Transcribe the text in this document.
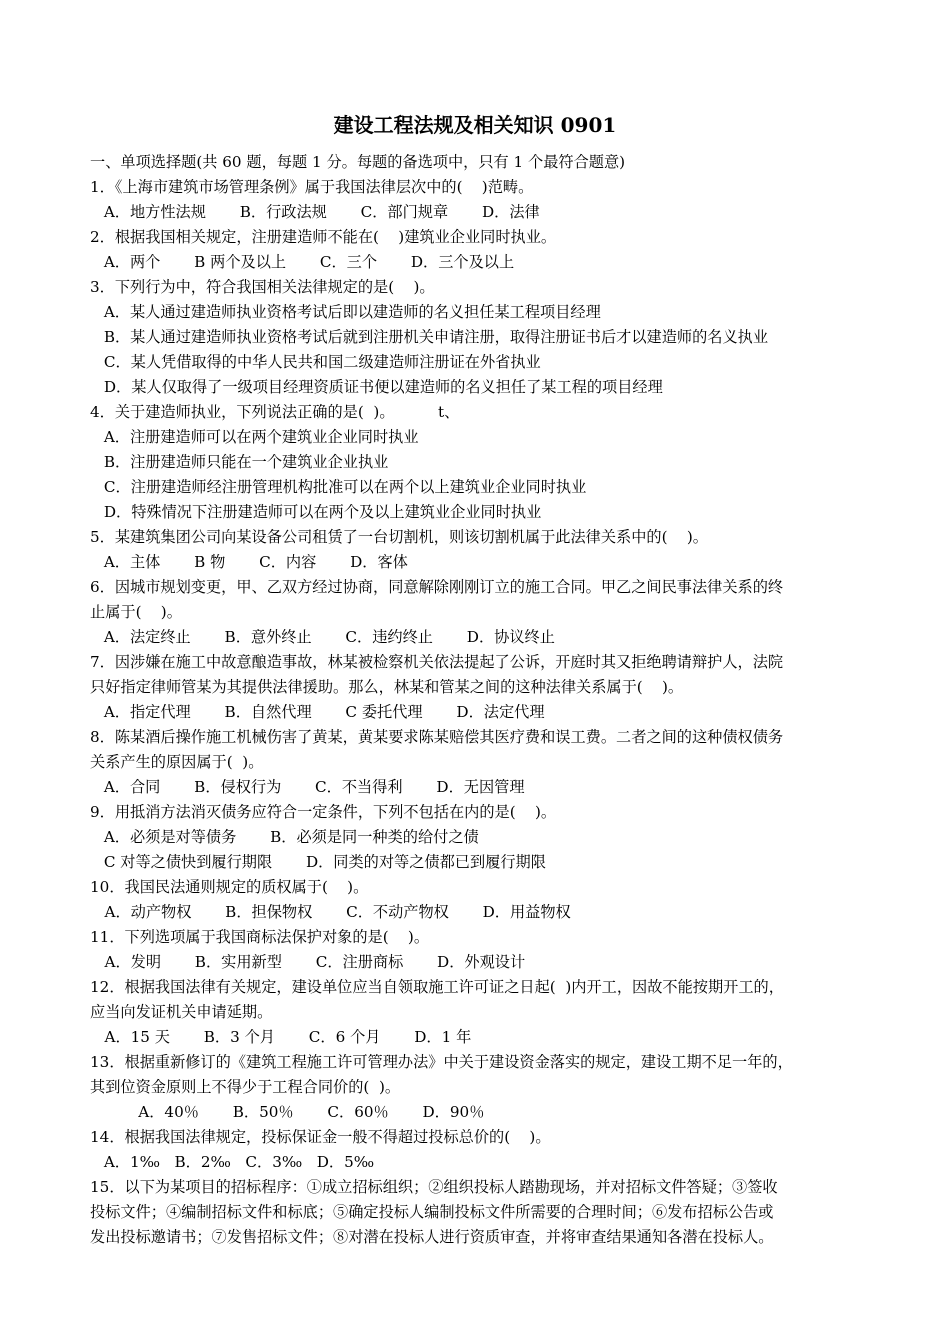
建设工程法规及相关知识 0901
一、单项选择题(共 60 题，每题 1 分。每题的备选项中，只有 1 个最符合题意)
1．《上海市建筑市场管理条例》属于我国法律层次中的(    )范畴。
A．地方性法规       B．行政法规       C．部门规章       D．法律
2．根据我国相关规定，注册建造师不能在(    )建筑业企业同时执业。
A．两个       B 两个及以上       C．三个       D．三个及以上
3．下列行为中，符合我国相关法律规定的是(    )。
A．某人通过建造师执业资格考试后即以建造师的名义担任某工程项目经理
B．某人通过建造师执业资格考试后就到注册机关申请注册，取得注册证书后才以建造师的名义执业
C．某人凭借取得的中华人民共和国二级建造师注册证在外省执业
D．某人仅取得了一级项目经理资质证书便以建造师的名义担任了某工程的项目经理
4．关于建造师执业，下列说法正确的是(  )。         t、
A．注册建造师可以在两个建筑业企业同时执业
B．注册建造师只能在一个建筑业企业执业
C．注册建造师经注册管理机构批准可以在两个以上建筑业企业同时执业
D．特殊情况下注册建造师可以在两个及以上建筑业企业同时执业
5．某建筑集团公司向某设备公司租赁了一台切割机，则该切割机属于此法律关系中的(    )。
A．主体       B 物       C．内容       D．客体
6．因城市规划变更，甲、乙双方经过协商，同意解除刚刚订立的施工合同。甲乙之间民事法律关系的终
止属于(    )。
A．法定终止       B．意外终止       C．违约终止       D．协议终止
7．因涉嫌在施工中故意酿造事故，林某被检察机关依法提起了公诉，开庭时其又拒绝聘请辩护人，法院
只好指定律师管某为其提供法律援助。那么，林某和管某之间的这种法律关系属于(    )。
A．指定代理       B．自然代理       C 委托代理       D．法定代理
8．陈某酒后操作施工机械伤害了黄某，黄某要求陈某赔偿其医疗费和误工费。二者之间的这种债权债务
关系产生的原因属于(  )。
A．合同       B．侵权行为       C．不当得利       D．无因管理
9．用抵消方法消灭债务应符合一定条件，下列不包括在内的是(    )。
A．必须是对等债务       B．必须是同一种类的给付之债
C 对等之债快到履行期限       D．同类的对等之债都已到履行期限
10．我国民法通则规定的质权属于(    )。
A．动产物权       B．担保物权       C．不动产物权       D．用益物权
11．下列选项属于我国商标法保护对象的是(    )。
A．发明       B．实用新型       C．注册商标       D．外观设计
12．根据我国法律有关规定，建设单位应当自领取施工许可证之日起(  )内开工，因故不能按期开工的，
应当向发证机关申请延期。
A．15 天       B．3 个月       C．6 个月       D．1 年
13．根据重新修订的《建筑工程施工许可管理办法》中关于建设资金落实的规定，建设工期不足一年的，
其到位资金原则上不得少于工程合同价的(  )。
A．40％       B．50％       C．60％       D．90％
14．根据我国法律规定，投标保证金一般不得超过投标总价的(    )。
A．1‰   B．2‰   C．3‰   D．5‰
15．以下为某项目的招标程序：①成立招标组织；②组织投标人踏勘现场，并对招标文件答疑；③签收
投标文件；④编制招标文件和标底；⑤确定投标人编制投标文件所需要的合理时间；⑥发布招标公告或
发出投标邀请书；⑦发售招标文件；⑧对潜在投标人进行资质审查，并将审查结果通知各潜在投标人。
